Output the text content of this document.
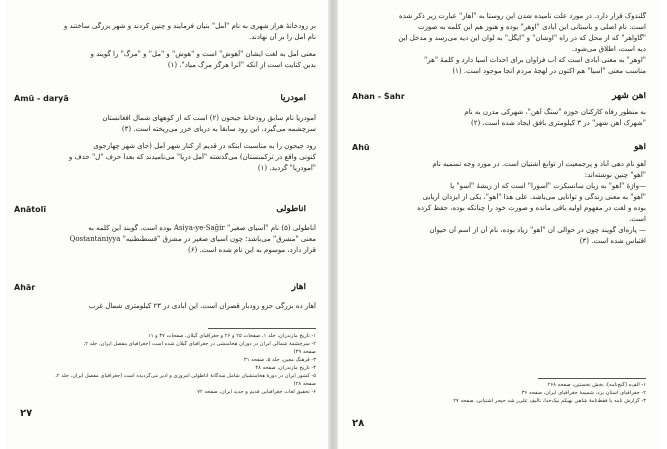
گلندوک قرار دارد. در مورد علت نامیده شدن این روستا به "آهار" عبارت زیر ذکر شده
است. نام اصلی و باستانی این آبادی "اوهر" بوده و هنوز هم این کلمه به صورت
"گاواهر" که از محل که در راه "اوشان" و "ایگل" به لوان این دیه می‌رسد و مدخل این
دیه است، اطلاق می‌شود.
"اوهر" به معنی آبادی است که آب فراوان برای احداث آسیا دارد و کلمهٔ "هر"
مناسب معنی "آسیا" هم اکنون در لهجهٔ مردم آنجا موجود است. (۱)
Ahan - Šahr	آهن شهر
به منظور رفاه کارکنان حوزه "سنگ آهن"، شهرکی مدرن به نام
"شهرک آهن شهر" در ۳ کیلومتری بافق ایجاد شده است. (۲)
Ahū	آهو
آهو نام دهی آباد و پرجمعیت از توابع آشتیان است. در مورد وجه تسمیه نام
"آهو" چنین نوشته‌اند:
—واژهٔ "آهو" به زبان سانسکرت "آسورا" است که از ریشهٔ "آسو" یا
"آهو" به معنی زندگی و توانایی می‌باشد. علی هذا "آهو"، یکی از ایزدان آریایی
بوده و لغت در مفهوم اولیه باقی مانده و صورت خود را چنانکه بوده، حفظ کرده
است.
— پاره‌ای گویند چون در حوالی آن "آهو" زیاد بوده، نام آن از اسم آن حیوان
اقتباس شده است. (۳)
۱- الف‌ه (گنج‌نامه)، بخش نخستین، صفحه ۲۶۸
۲- جغرافیای استان یزد، شمیمهٔ جغرافیای ایران، صفحه ۳۶
۳- گزارش نامه یا فقط‌نامهٔ شاهی نهیکم نیک‌خدا، تالیف علی‌ر شد حیحر آشتیانی، صفحه ۲۷
۲۸
بر رودخانهٔ هراز شهری به نام "آمل" بنیان فرمایند و چنین کردند و شهر بزرگی ساختند و
نام آمل را بر آن نهادند.
معنی آمل به لغت ایشان "آهوش" است و "هوش" و "مل" و "مرگ" را گویند و
بدین کنایت است از آنکه "آنرا هرگز مرگ مباد". (۱)
Āmū - daryā	آمودریا
آمودریا نام سابق رودخانهٔ جیحون (۲) است که از کوههای شمال افغانستان
سرچشمه می‌گیرد. این رود سابقاً به دریای خزر می‌ریخته است. (۳)
رود جیحون را به مناسبت اینکه در قدیم از کنار شهر آمل (جای شهر چهارجوی
کنونی واقع در ترکمنستان) می‌گذشته "آمل دریا" می‌نامیدند که بعداً حرف "ل" حذف و
"آمودریا" گردید. (۱)
Ānātolī	آناطولی
آناطولی (۵) نام "آسیای صغیر" Asiya-ye-Saḡir بوده است. گویند این کلمه به
معنی "مشرق" می‌باشد؛ چون آسیای صغیر در مشرق "قسطنطنیه" Qostantaniyya
قرار دارد، موسوم به این نام شده است. (۶)
Āhār	آهار
آهار ده بزرگی جزو رودبار قصران است. این آبادی در ۲۳ کیلومتری شمال غرب
۱- تاریخ مازندران، جلد ۱، صفحات ۲۵ و ۲۶ و جغرافیای گیلان، صفحات ۳۷ و ۱۱
۲- سرچشمهٔ شمالی ایران در دوران هخامنشی در جغرافیای گیلان شده است (جغرافیای مفصل ایران، جلد ۲،
صفحه ۴۹)
۳- فرهنگ معین، جلد ۵، صفحه ۳۱
۴- تاریخ مازندران، صفحه ۴۸
۵- کشور ایران در دورهٔ هخامنشیان شامل سه‌گانهٔ آناطولی امروزی و ادیر می‌گردیده است (جغرافیای مفصل ایران، جلد ۲،
صفحه ۲۸)
۶- تحقیق لغات جغرافیایی قدیم و جدید ایران، صفحه ۷۲
۲۷
